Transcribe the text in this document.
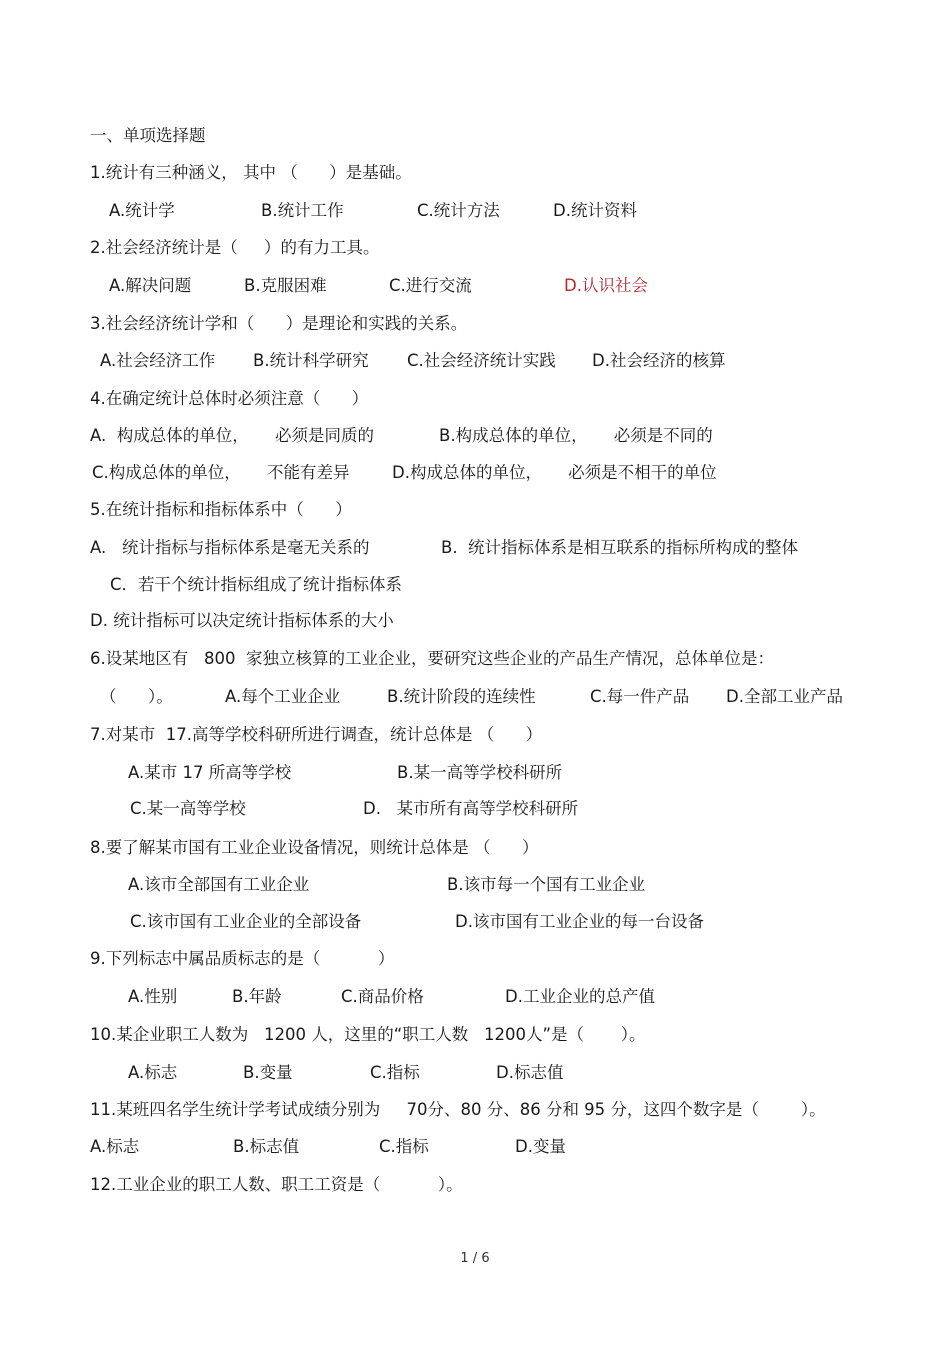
一、单项选择题
1.统计有三种涵义， 其中 （      ）是基础。
A.统计学	B.统计工作	C.统计方法	D.统计资料
2.社会经济统计是（     ）的有力工具。
A.解决问题	B.克服困难	C.进行交流	D.认识社会
3.社会经济统计学和（      ）是理论和实践的关系。
A.社会经济工作 B.统计科学研究 C.社会经济统计实践 D.社会经济的核算
4.在确定统计总体时必须注意（      ）
A.  构成总体的单位，     必须是同质的	B.构成总体的单位，     必须是不同的
C.构成总体的单位，     不能有差异	D.构成总体的单位，     必须是不相干的单位
5.在统计指标和指标体系中（      ）
A.   统计指标与指标体系是毫无关系的	B.  统计指标体系是相互联系的指标所构成的整体
C．若干个统计指标组成了统计指标体系
D. 统计指标可以决定统计指标体系的大小
6.设某地区有   800  家独立核算的工业企业，要研究这些企业的产品生产情况，总体单位是：
（      ）。	A.每个工业企业	B.统计阶段的连续性	C.每一件产品 D.全部工业产品
7.对某市  17.高等学校科研所进行调查，统计总体是 （      ）
A.某市 17 所高等学校	B.某一高等学校科研所
C.某一高等学校	D.   某市所有高等学校科研所
8.要了解某市国有工业企业设备情况，则统计总体是 （      ）
A.该市全部国有工业企业	B.该市每一个国有工业企业
C.该市国有工业企业的全部设备	D.该市国有工业企业的每一台设备
9.下列标志中属品质标志的是（           ）
A.性别	B.年龄	C.商品价格	D.工业企业的总产值
10.某企业职工人数为   1200 人，这里的“职工人数   1200人”是（       ）。
A.标志	B.变量	C.指标	D.标志值
11.某班四名学生统计学考试成绩分别为     70分、80 分、86 分和 95 分，这四个数字是（        ）。
A.标志	B.标志值	C.指标	D.变量
12.工业企业的职工人数、职工工资是（           ）。
1 / 6
